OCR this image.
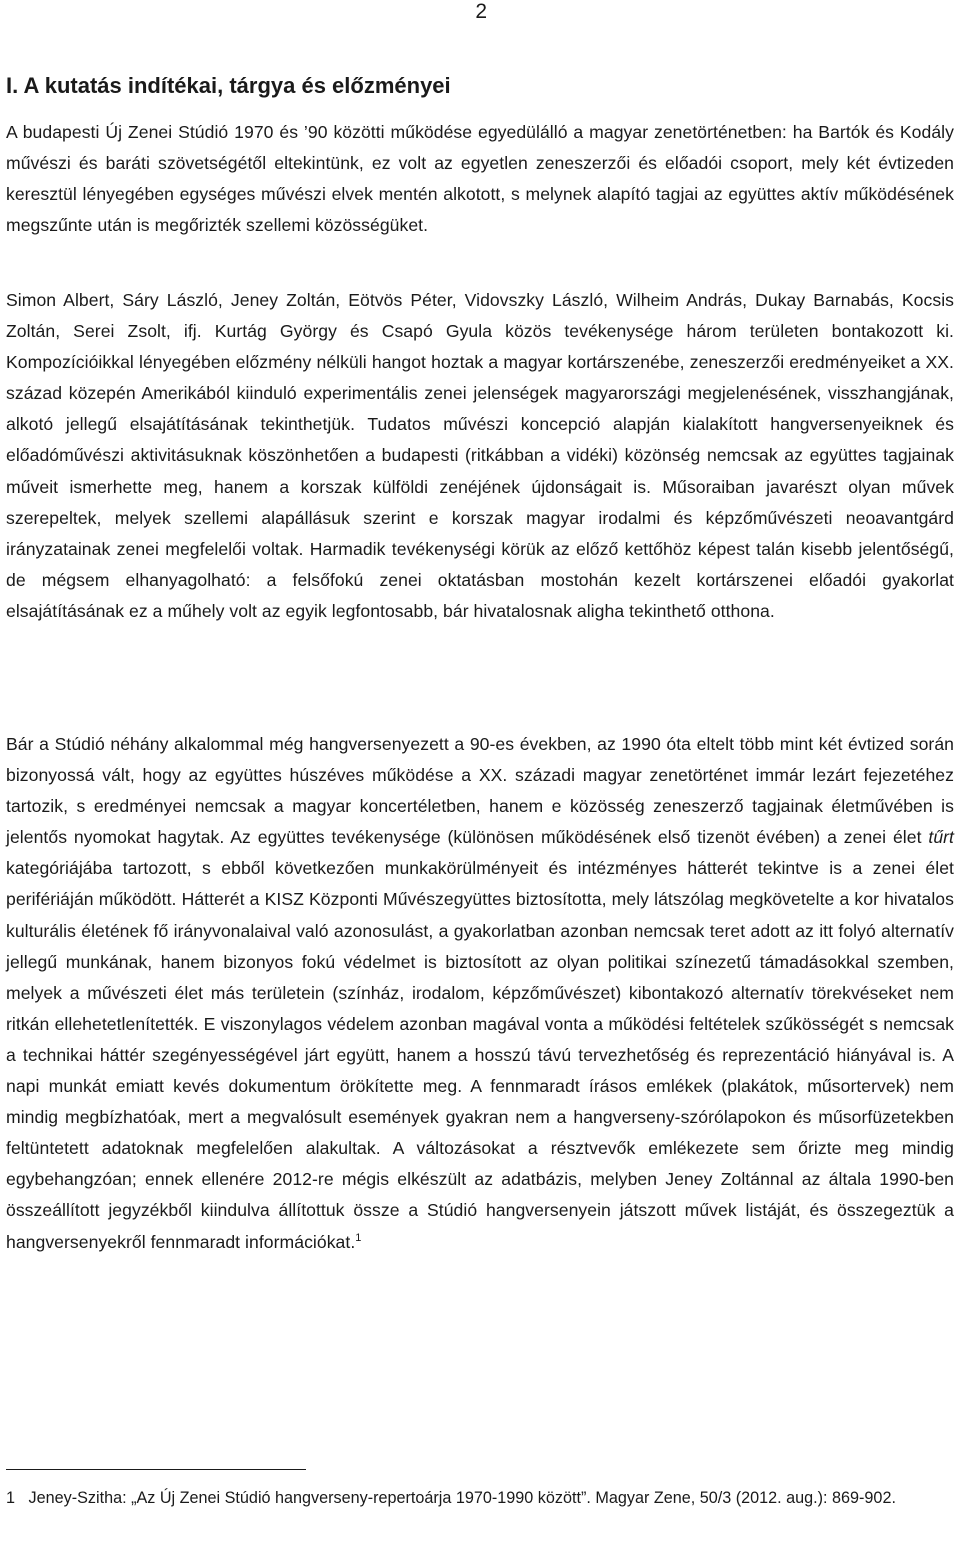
2
I. A kutatás indítékai, tárgya és előzményei

A budapesti Új Zenei Stúdió 1970 és ’90 közötti működése egyedülálló a magyar zenetörténetben: ha Bartók és Kodály művészi és baráti szövetségétől eltekintünk, ez volt az egyetlen zeneszerzői és előadói csoport, mely két évtizeden keresztül lényegében egységes művészi elvek mentén alkotott, s melynek alapító tagjai az együttes aktív működésének megszűnte után is megőrizték szellemi közösségüket.

Simon Albert, Sáry László, Jeney Zoltán, Eötvös Péter, Vidovszky László, Wilheim András, Dukay Barnabás, Kocsis Zoltán, Serei Zsolt, ifj. Kurtág György és Csapó Gyula közös tevékenysége három területen bontakozott ki. Kompozícióikkal lényegében előzmény nélküli hangot hoztak a magyar kortárszenébe, zeneszerzői eredményeiket a XX. század közepén Amerikából kiinduló experimentális zenei jelenségek magyarországi megjelenésének, visszhangjának, alkotó jellegű elsajátításának tekinthetjük. Tudatos művészi koncepció alapján kialakított hangversenyeiknek és előadóművészi aktivitásuknak köszönhetően a budapesti (ritkábban a vidéki) közönség nemcsak az együttes tagjainak műveit ismerhette meg, hanem a korszak külföldi zenéjének újdonságait is. Műsoraiban javarészt olyan művek szerepeltek, melyek szellemi alapállásuk szerint e korszak magyar irodalmi és képzőművészeti neoavantgárd irányzatainak zenei megfelelői voltak. Harmadik tevékenységi körük az előző kettőhöz képest talán kisebb jelentőségű, de mégsem elhanyagolható: a felsőfokú zenei oktatásban mostohán kezelt kortárszenei előadói gyakorlat elsajátításának ez a műhely volt az egyik legfontosabb, bár hivatalosnak aligha tekinthető otthona.

Bár a Stúdió néhány alkalommal még hangversenyezett a 90-es években, az 1990 óta eltelt több mint két évtized során bizonyossá vált, hogy az együttes húszéves működése a XX. századi magyar zenetörténet immár lezárt fejezetéhez tartozik, s eredményei nemcsak a magyar koncertéletben, hanem e közösség zeneszerző tagjainak életművében is jelentős nyomokat hagytak. Az együttes tevékenysége (különösen működésének első tizenöt évében) a zenei élet tűrt kategóriájába tartozott, s ebből következően munkakörülményeit és intézményes hátterét tekintve is a zenei élet perifériáján működött. Hátterét a KISZ Központi Művészegyüttes biztosította, mely látszólag megkövetelte a kor hivatalos kulturális életének fő irányvonalaival való azonosulást, a gyakorlatban azonban nemcsak teret adott az itt folyó alternatív jellegű munkának, hanem bizonyos fokú védelmet is biztosított az olyan politikai színezetű támadásokkal szemben, melyek a művészeti élet más területein (színház, irodalom, képzőművészet) kibontakozó alternatív törekvéseket nem ritkán ellehetetlenítették. E viszonylagos védelem azonban magával vonta a működési feltételek szűkösségét s nemcsak a technikai háttér szegényességével járt együtt, hanem a hosszú távú tervezhetőség és reprezentáció hiányával is. A napi munkát emiatt kevés dokumentum örökítette meg. A fennmaradt írásos emlékek (plakátok, műsortervek) nem mindig megbízhatóak, mert a megvalósult események gyakran nem a hangverseny-szórólapokon és műsorfüzetekben feltüntetett adatoknak megfelelően alakultak. A változásokat a résztvevők emlékezete sem őrizte meg mindig egybehangzóan; ennek ellenére 2012-re mégis elkészült az adatbázis, melyben Jeney Zoltánnal az általa 1990-ben összeállított jegyzékből kiindulva állítottuk össze a Stúdió hangversenyein játszott művek listáját, és összegeztük a hangversenyekről fennmaradt információkat.$^1$

1 Jeney-Szitha: „Az Új Zenei Stúdió hangverseny-repertoárja 1970-1990 között”. Magyar Zene, 50/3 (2012. aug.): 869-902.
